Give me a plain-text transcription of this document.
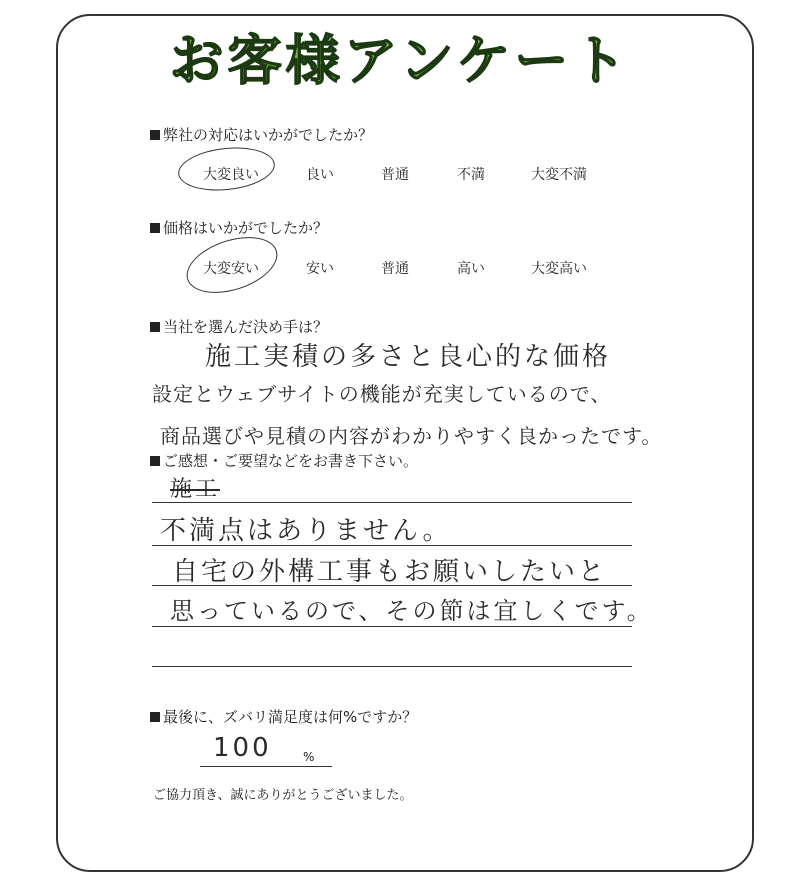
お客様アンケート
弊社の対応はいかがでしたか？
大変良い	良い	普通	不満	大変不満
価格はいかがでしたか？
大変安い	安い	普通	高い	大変高い
当社を選んだ決め手は？
施工実積の多さと良心的な価格
設定とウェブサイトの機能が充実しているので、
商品選びや見積の内容がわかりやすく良かったです。
ご感想・ご要望などをお書き下さい。
施工
不満点はありません。
自宅の外構工事もお願いしたいと
思っているので、その節は宜しくです。
最後に、ズバリ満足度は何%ですか？
100	%
ご協力頂き、誠にありがとうございました。
